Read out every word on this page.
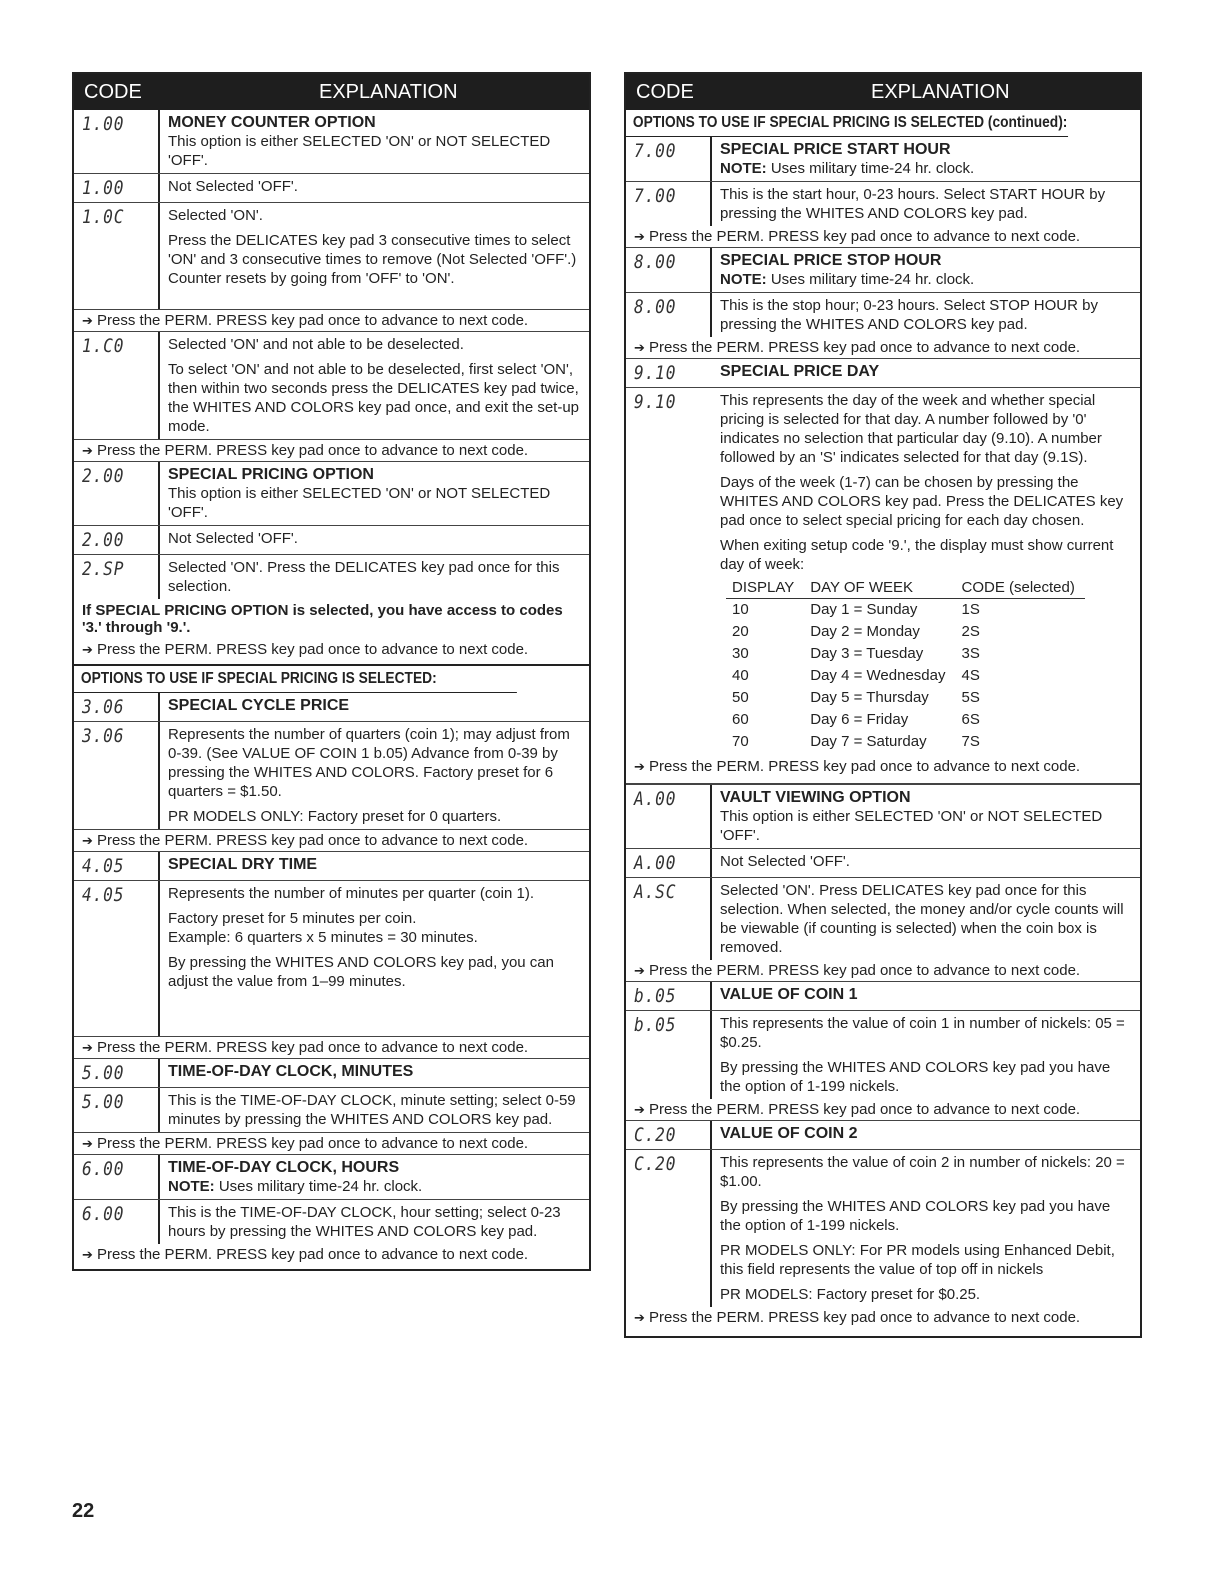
CODE	EXPLANATION
1.00	MONEY COUNTER OPTION

This option is either SELECTED 'ON' or NOT SELECTED 'OFF'.

1.00	Not Selected 'OFF'.

1.0C	Selected 'ON'.

Press the DELICATES key pad 3 consecutive times to select 'ON' and 3 consecutive times to remove (Not Selected 'OFF'.) Counter resets by going from 'OFF' to 'ON'.

➔ Press the PERM. PRESS key pad once to advance to next code.
1.C0	Selected 'ON' and not able to be deselected.

To select 'ON' and not able to be deselected, first select 'ON', then within two seconds press the DELICATES key pad twice, the WHITES AND COLORS key pad once, and exit the set-up mode.

➔ Press the PERM. PRESS key pad once to advance to next code.
2.00	SPECIAL PRICING OPTION

This option is either SELECTED 'ON' or NOT SELECTED 'OFF'.

2.00	Not Selected 'OFF'.

2.SP	Selected 'ON'. Press the DELICATES key pad once for this selection.

If SPECIAL PRICING OPTION is selected, you have access to codes '3.' through '9.'.
➔ Press the PERM. PRESS key pad once to advance to next code.
OPTIONS TO USE IF SPECIAL PRICING IS SELECTED:
3.06	SPECIAL CYCLE PRICE
3.06	Represents the number of quarters (coin 1); may adjust from 0-39. (See VALUE OF COIN 1 b.05) Advance from 0-39 by pressing the WHITES AND COLORS. Factory preset for 6 quarters = $1.50.

PR MODELS ONLY: Factory preset for 0 quarters.

➔ Press the PERM. PRESS key pad once to advance to next code.
4.05	SPECIAL DRY TIME
4.05	Represents the number of minutes per quarter (coin 1).

Factory preset for 5 minutes per coin.

Example: 6 quarters x 5 minutes = 30 minutes.

By pressing the WHITES AND COLORS key pad, you can adjust the value from 1–99 minutes.

➔ Press the PERM. PRESS key pad once to advance to next code.
5.00	TIME-OF-DAY CLOCK, MINUTES
5.00	This is the TIME-OF-DAY CLOCK, minute setting; select 0-59 minutes by pressing the WHITES AND COLORS key pad.

➔ Press the PERM. PRESS key pad once to advance to next code.
6.00	TIME-OF-DAY CLOCK, HOURS

NOTE: Uses military time-24 hr. clock.

6.00	This is the TIME-OF-DAY CLOCK, hour setting; select 0-23 hours by pressing the WHITES AND COLORS key pad.

➔ Press the PERM. PRESS key pad once to advance to next code.
CODE	EXPLANATION
OPTIONS TO USE IF SPECIAL PRICING IS SELECTED (continued):
7.00	SPECIAL PRICE START HOUR

NOTE: Uses military time-24 hr. clock.

7.00	This is the start hour, 0-23 hours. Select START HOUR by pressing the WHITES AND COLORS key pad.

➔ Press the PERM. PRESS key pad once to advance to next code.
8.00	SPECIAL PRICE STOP HOUR

NOTE: Uses military time-24 hr. clock.

8.00	This is the stop hour; 0-23 hours. Select STOP HOUR by pressing the WHITES AND COLORS key pad.

➔ Press the PERM. PRESS key pad once to advance to next code.
9.10	SPECIAL PRICE DAY
9.10	This represents the day of the week and whether special pricing is selected for that day. A number followed by '0' indicates no selection that particular day (9.10). A number followed by an 'S' indicates selected for that day (9.1S).

Days of the week (1-7) can be chosen by pressing the WHITES AND COLORS key pad. Press the DELICATES key pad once to select special pricing for each day chosen.

When exiting setup code '9.', the display must show current day of week:

DISPLAY	DAY OF WEEK	CODE (selected)
10	Day 1 = Sunday	1S
20	Day 2 = Monday	2S
30	Day 3 = Tuesday	3S
40	Day 4 = Wednesday	4S
50	Day 5 = Thursday	5S
60	Day 6 = Friday	6S
70	Day 7 = Saturday	7S
➔ Press the PERM. PRESS key pad once to advance to next code.
A.00	VAULT VIEWING OPTION

This option is either SELECTED 'ON' or NOT SELECTED 'OFF'.

A.00	Not Selected 'OFF'.

A.SC	Selected 'ON'. Press DELICATES key pad once for this selection. When selected, the money and/or cycle counts will be viewable (if counting is selected) when the coin box is removed.

➔ Press the PERM. PRESS key pad once to advance to next code.
b.05	VALUE OF COIN 1
b.05	This represents the value of coin 1 in number of nickels: 05 = $0.25.

By pressing the WHITES AND COLORS key pad you have the option of 1-199 nickels.

➔ Press the PERM. PRESS key pad once to advance to next code.
C.20	VALUE OF COIN 2
C.20	This represents the value of coin 2 in number of nickels: 20 = $1.00.

By pressing the WHITES AND COLORS key pad you have the option of 1-199 nickels.

PR MODELS ONLY: For PR models using Enhanced Debit, this field represents the value of top off in nickels

PR MODELS: Factory preset for $0.25.

➔ Press the PERM. PRESS key pad once to advance to next code.
22
